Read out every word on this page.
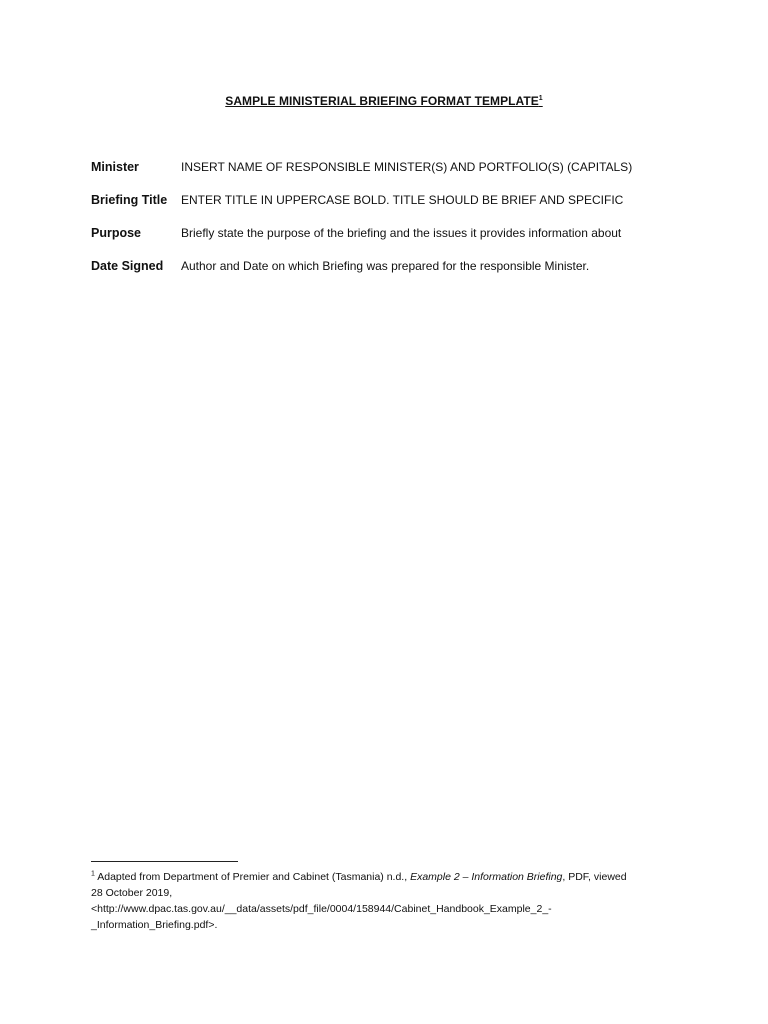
SAMPLE MINISTERIAL BRIEFING FORMAT TEMPLATE$^1$
Minister	INSERT NAME OF RESPONSIBLE MINISTER(S) AND PORTFOLIO(S) (CAPITALS)
Briefing Title	ENTER TITLE IN UPPERCASE BOLD. TITLE SHOULD BE BRIEF AND SPECIFIC
Purpose	Briefly state the purpose of the briefing and the issues it provides information about
Date Signed	Author and Date on which Briefing was prepared for the responsible Minister.
$^1$ Adapted from Department of Premier and Cabinet (Tasmania) n.d., Example 2 – Information Briefing, PDF, viewed
28 October 2019,
<http://www.dpac.tas.gov.au/__data/assets/pdf_file/0004/158944/Cabinet_Handbook_Example_2_-
_Information_Briefing.pdf>.
